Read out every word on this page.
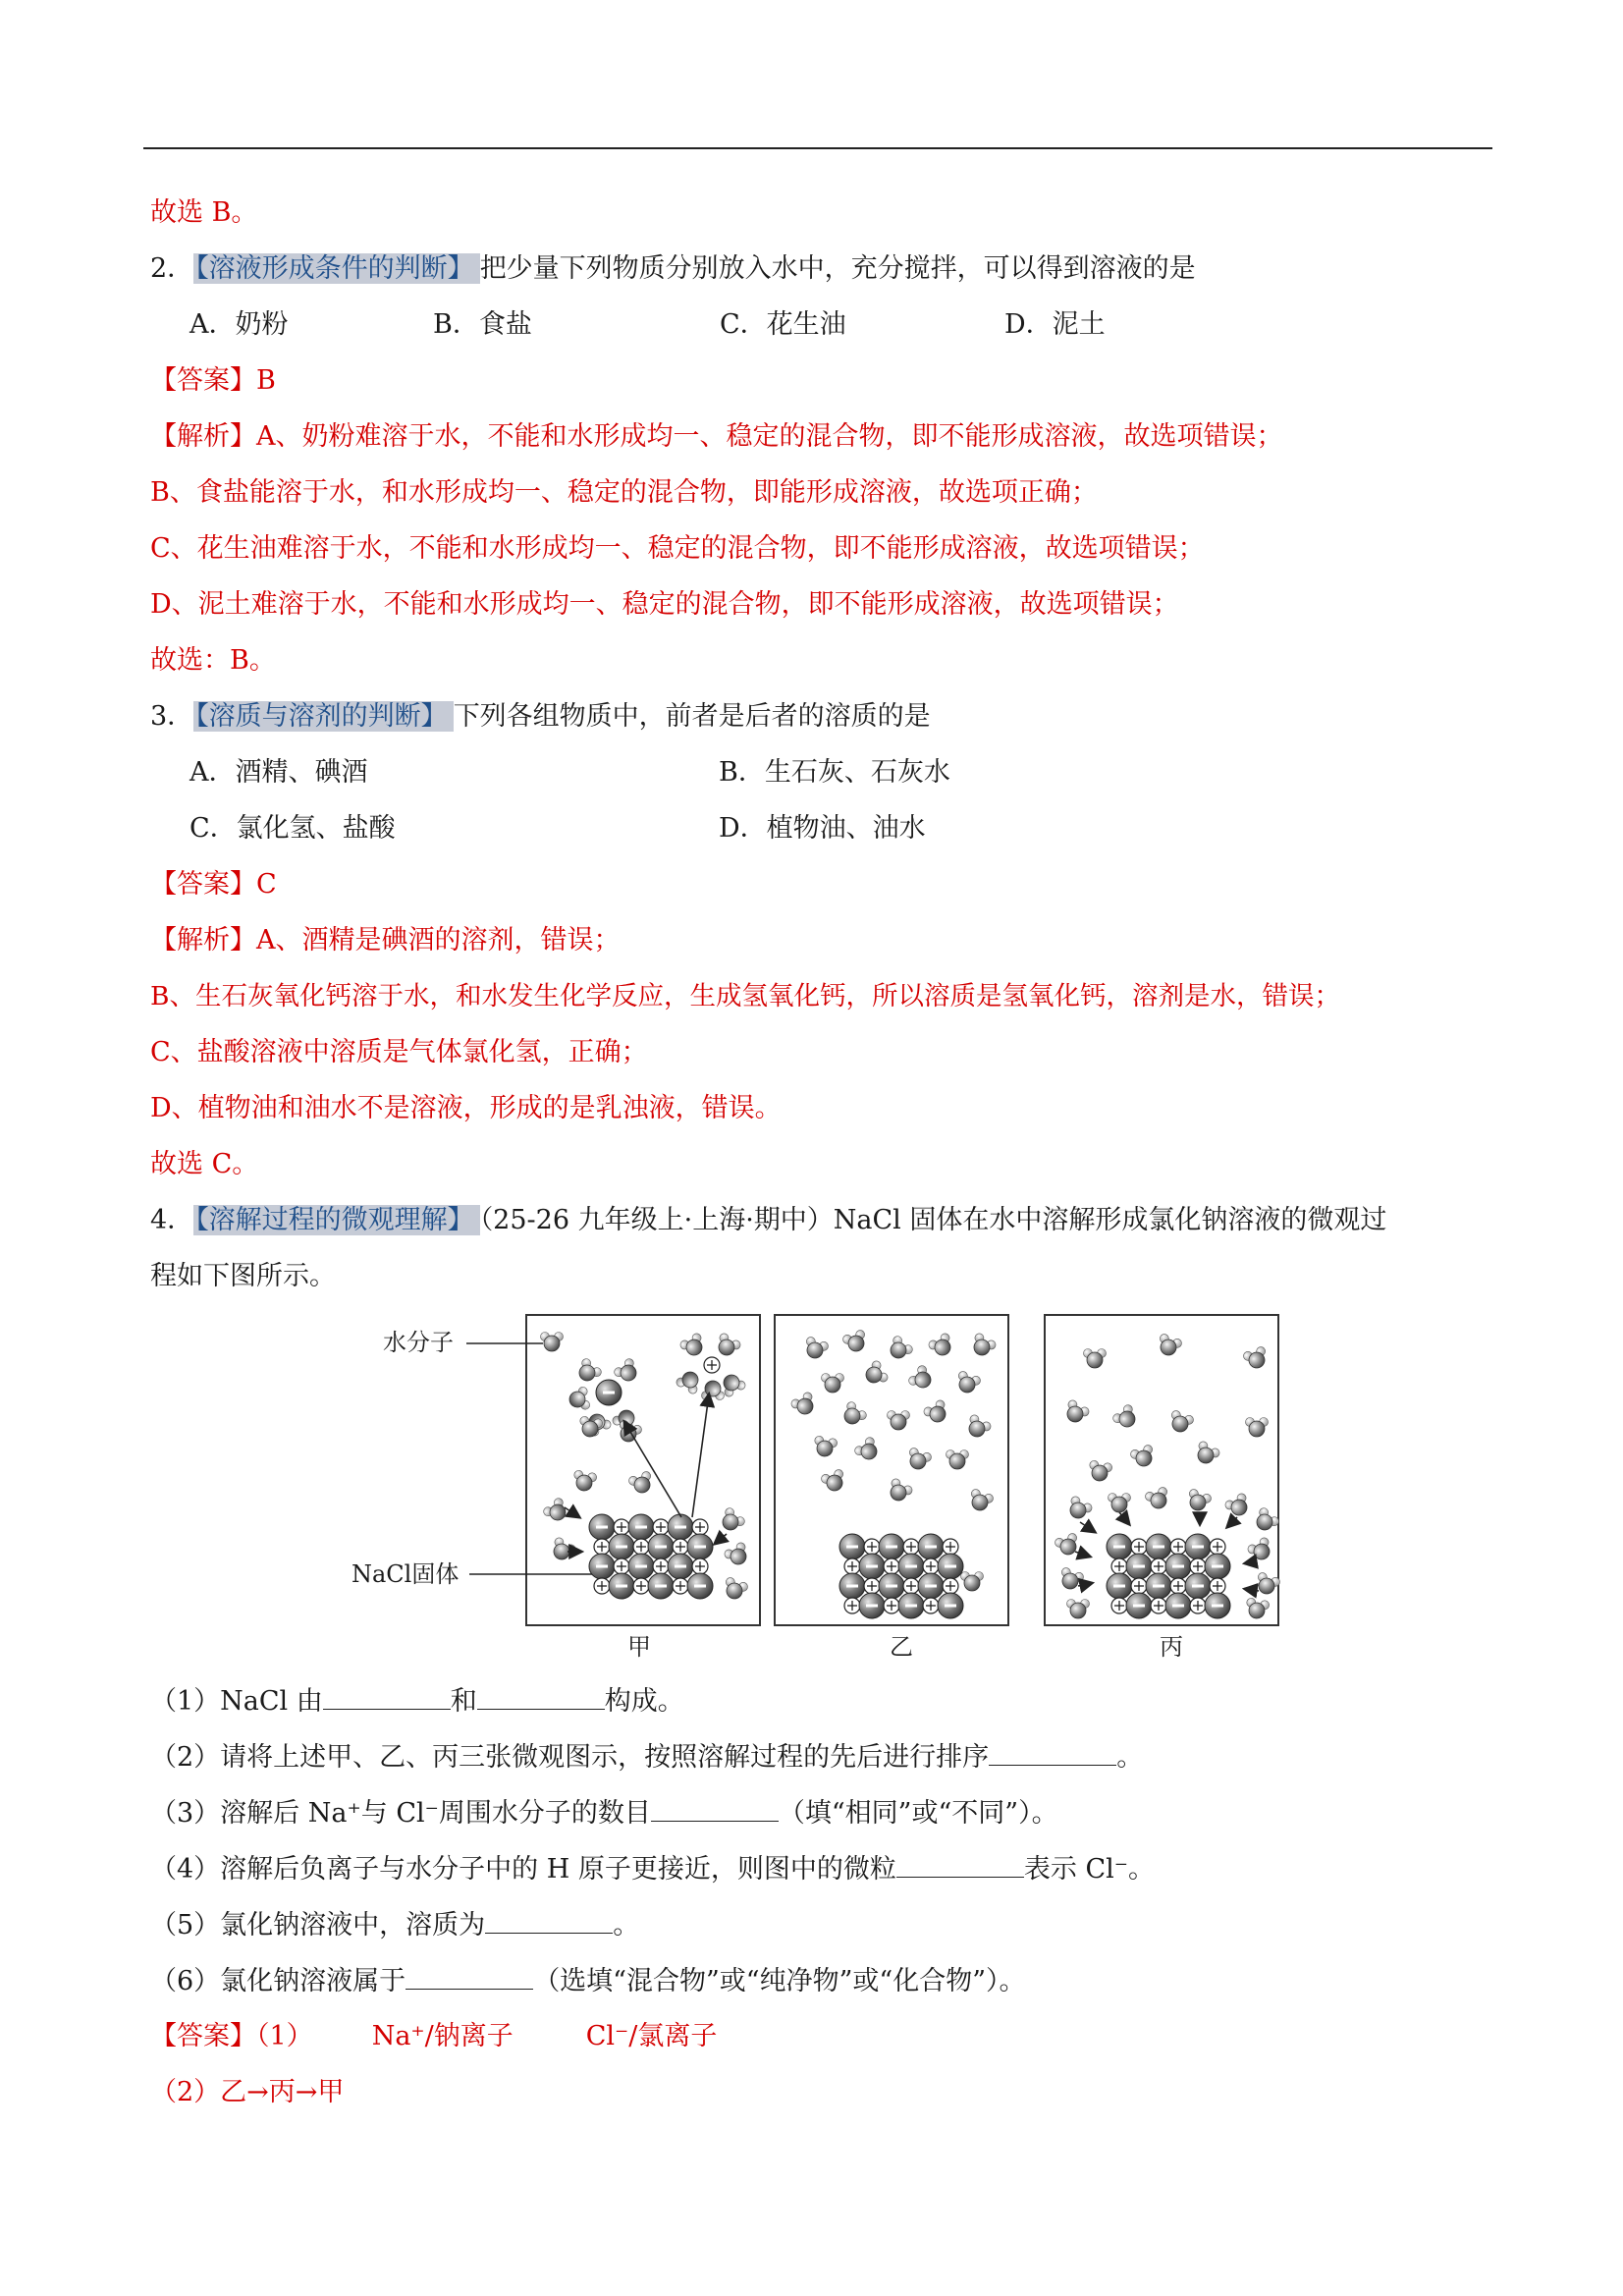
故选 B。
2．【溶液形成条件的判断】 把少量下列物质分别放入水中，充分搅拌，可以得到溶液的是
A．奶粉	B．食盐	C．花生油	D．泥土
【答案】B
【解析】A、奶粉难溶于水，不能和水形成均一、稳定的混合物，即不能形成溶液，故选项错误；
B、食盐能溶于水，和水形成均一、稳定的混合物，即能形成溶液，故选项正确；
C、花生油难溶于水，不能和水形成均一、稳定的混合物，即不能形成溶液，故选项错误；
D、泥土难溶于水，不能和水形成均一、稳定的混合物，即不能形成溶液，故选项错误；
故选：B。
3．【溶质与溶剂的判断】 下列各组物质中，前者是后者的溶质的是
A．酒精、碘酒	B．生石灰、石灰水
C．氯化氢、盐酸	D．植物油、油水
【答案】C
【解析】A、酒精是碘酒的溶剂，错误；
B、生石灰氧化钙溶于水，和水发生化学反应，生成氢氧化钙，所以溶质是氢氧化钙，溶剂是水，错误；
C、盐酸溶液中溶质是气体氯化氢，正确；
D、植物油和油水不是溶液，形成的是乳浊液，错误。
故选 C。
4．【溶解过程的微观理解】 （25-26 九年级上·上海·期中）NaCl 固体在水中溶解形成氯化钠溶液的微观过
程如下图所示。
水分子
NaCl固体
甲	乙	丙
（1）NaCl 由	和	构成。
（2）请将上述甲、乙、丙三张微观图示，按照溶解过程的先后进行排序	。
（3）溶解后 Na⁺与 Cl⁻周围水分子的数目	（填“相同”或“不同”）。
（4）溶解后负离子与水分子中的 H 原子更接近，则图中的微粒	表示 Cl⁻。
（5）氯化钠溶液中，溶质为	。
（6）氯化钠溶液属于	（选填“混合物”或“纯净物”或“化合物”）。
【答案】（1） Na⁺/钠离子	Cl⁻/氯离子
（2）乙→丙→甲
